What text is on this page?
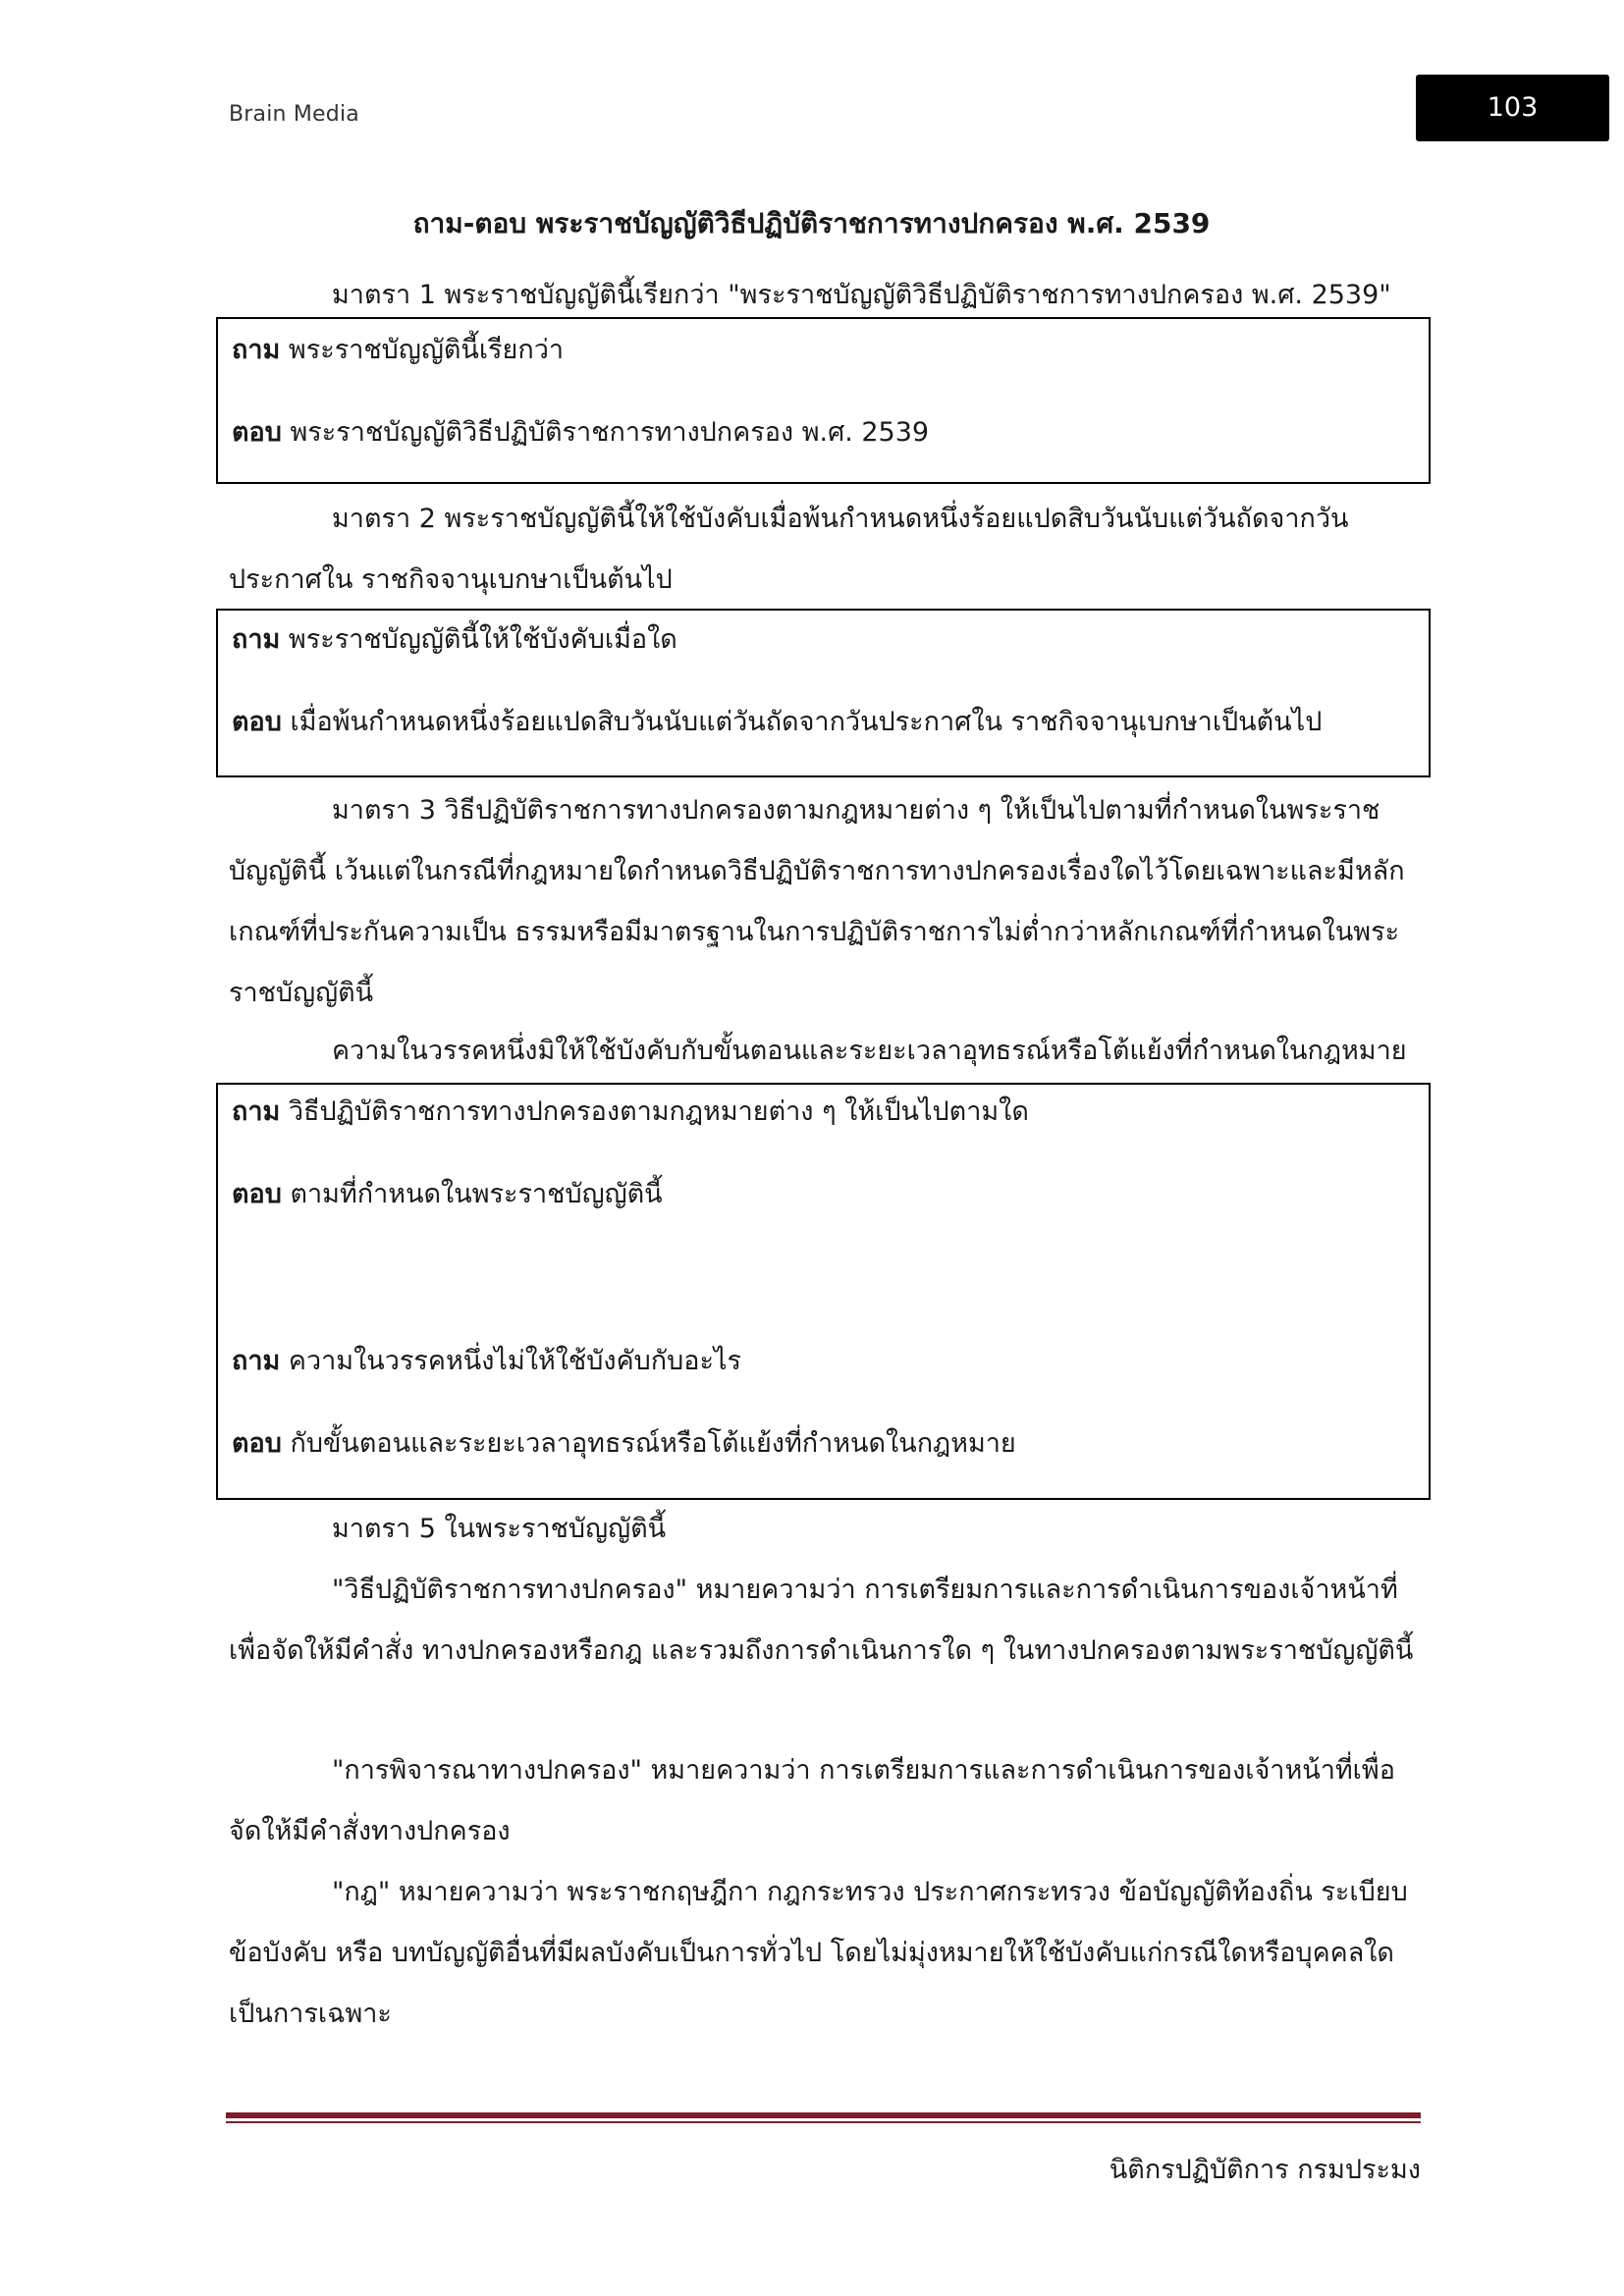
Brain Media	103
ถาม-ตอบ พระราชบัญญัติวิธีปฏิบัติราชการทางปกครอง พ.ศ. 2539

มาตรา 1 พระราชบัญญัตินี้เรียกว่า "พระราชบัญญัติวิธีปฏิบัติราชการทางปกครอง พ.ศ. 2539"

ถาม พระราชบัญญัตินี้เรียกว่า
ตอบ พระราชบัญญัติวิธีปฏิบัติราชการทางปกครอง พ.ศ. 2539

มาตรา 2 พระราชบัญญัตินี้ให้ใช้บังคับเมื่อพ้นกำหนดหนึ่งร้อยแปดสิบวันนับแต่วันถัดจากวันประกาศใน ราชกิจจานุเบกษาเป็นต้นไป

ถาม พระราชบัญญัตินี้ให้ใช้บังคับเมื่อใด
ตอบ เมื่อพ้นกำหนดหนึ่งร้อยแปดสิบวันนับแต่วันถัดจากวันประกาศใน ราชกิจจานุเบกษาเป็นต้นไป

มาตรา 3 วิธีปฏิบัติราชการทางปกครองตามกฎหมายต่าง ๆ ให้เป็นไปตามที่กำหนดในพระราชบัญญัตินี้ เว้นแต่ในกรณีที่กฎหมายใดกำหนดวิธีปฏิบัติราชการทางปกครองเรื่องใดไว้โดยเฉพาะและมีหลักเกณฑ์ที่ประกันความเป็น ธรรมหรือมีมาตรฐานในการปฏิบัติราชการไม่ต่ำกว่าหลักเกณฑ์ที่กำหนดในพระราชบัญญัตินี้

ความในวรรคหนึ่งมิให้ใช้บังคับกับขั้นตอนและระยะเวลาอุทธรณ์หรือโต้แย้งที่กำหนดในกฎหมาย

ถาม วิธีปฏิบัติราชการทางปกครองตามกฎหมายต่าง ๆ ให้เป็นไปตามใด
ตอบ ตามที่กำหนดในพระราชบัญญัตินี้
ถาม ความในวรรคหนึ่งไม่ให้ใช้บังคับกับอะไร
ตอบ กับขั้นตอนและระยะเวลาอุทธรณ์หรือโต้แย้งที่กำหนดในกฎหมาย

มาตรา 5 ในพระราชบัญญัตินี้

"วิธีปฏิบัติราชการทางปกครอง" หมายความว่า การเตรียมการและการดำเนินการของเจ้าหน้าที่เพื่อจัดให้มีคำสั่ง ทางปกครองหรือกฎ และรวมถึงการดำเนินการใด ๆ ในทางปกครองตามพระราชบัญญัตินี้

"การพิจารณาทางปกครอง" หมายความว่า การเตรียมการและการดำเนินการของเจ้าหน้าที่เพื่อจัดให้มีคำสั่งทางปกครอง

"กฎ" หมายความว่า พระราชกฤษฎีกา กฎกระทรวง ประกาศกระทรวง ข้อบัญญัติท้องถิ่น ระเบียบ ข้อบังคับ หรือ บทบัญญัติอื่นที่มีผลบังคับเป็นการทั่วไป โดยไม่มุ่งหมายให้ใช้บังคับแก่กรณีใดหรือบุคคลใดเป็นการเฉพาะ

นิติกรปฏิบัติการ กรมประมง
